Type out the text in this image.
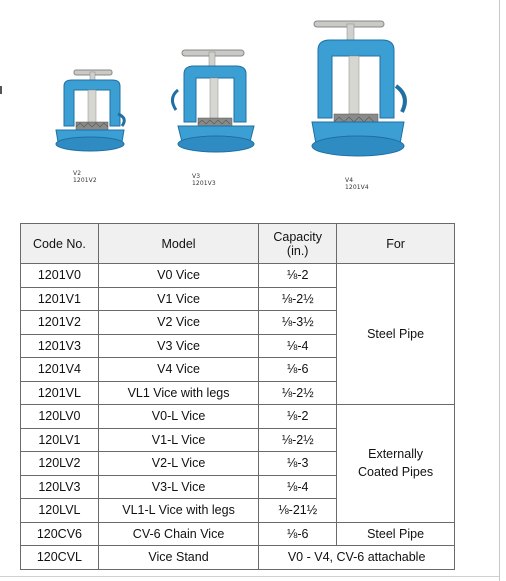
V2
1201V2
V3
1201V3	V4
1201V4
Code No.	Model	Capacity (in.)	For
1201V0	V0 Vice	⅛-2	Steel Pipe
1201V1	V1 Vice	⅛-2½	
1201V2	V2 Vice	⅛-3½	
1201V3	V3 Vice	⅛-4	
1201V4	V4 Vice	⅛-6	
1201VL	VL1 Vice with legs	⅛-2½	
120LV0	V0-L Vice	⅛-2	Externally Coated Pipes
120LV1	V1-L Vice	⅛-2½	
120LV2	V2-L Vice	⅛-3	
120LV3	V3-L Vice	⅛-4	
120LVL	VL1-L Vice with legs	⅛-21½	
120CV6	CV-6 Chain Vice	⅛-6	Steel Pipe
120CVL	Vice Stand	V0 - V4, CV-6 attachable	
